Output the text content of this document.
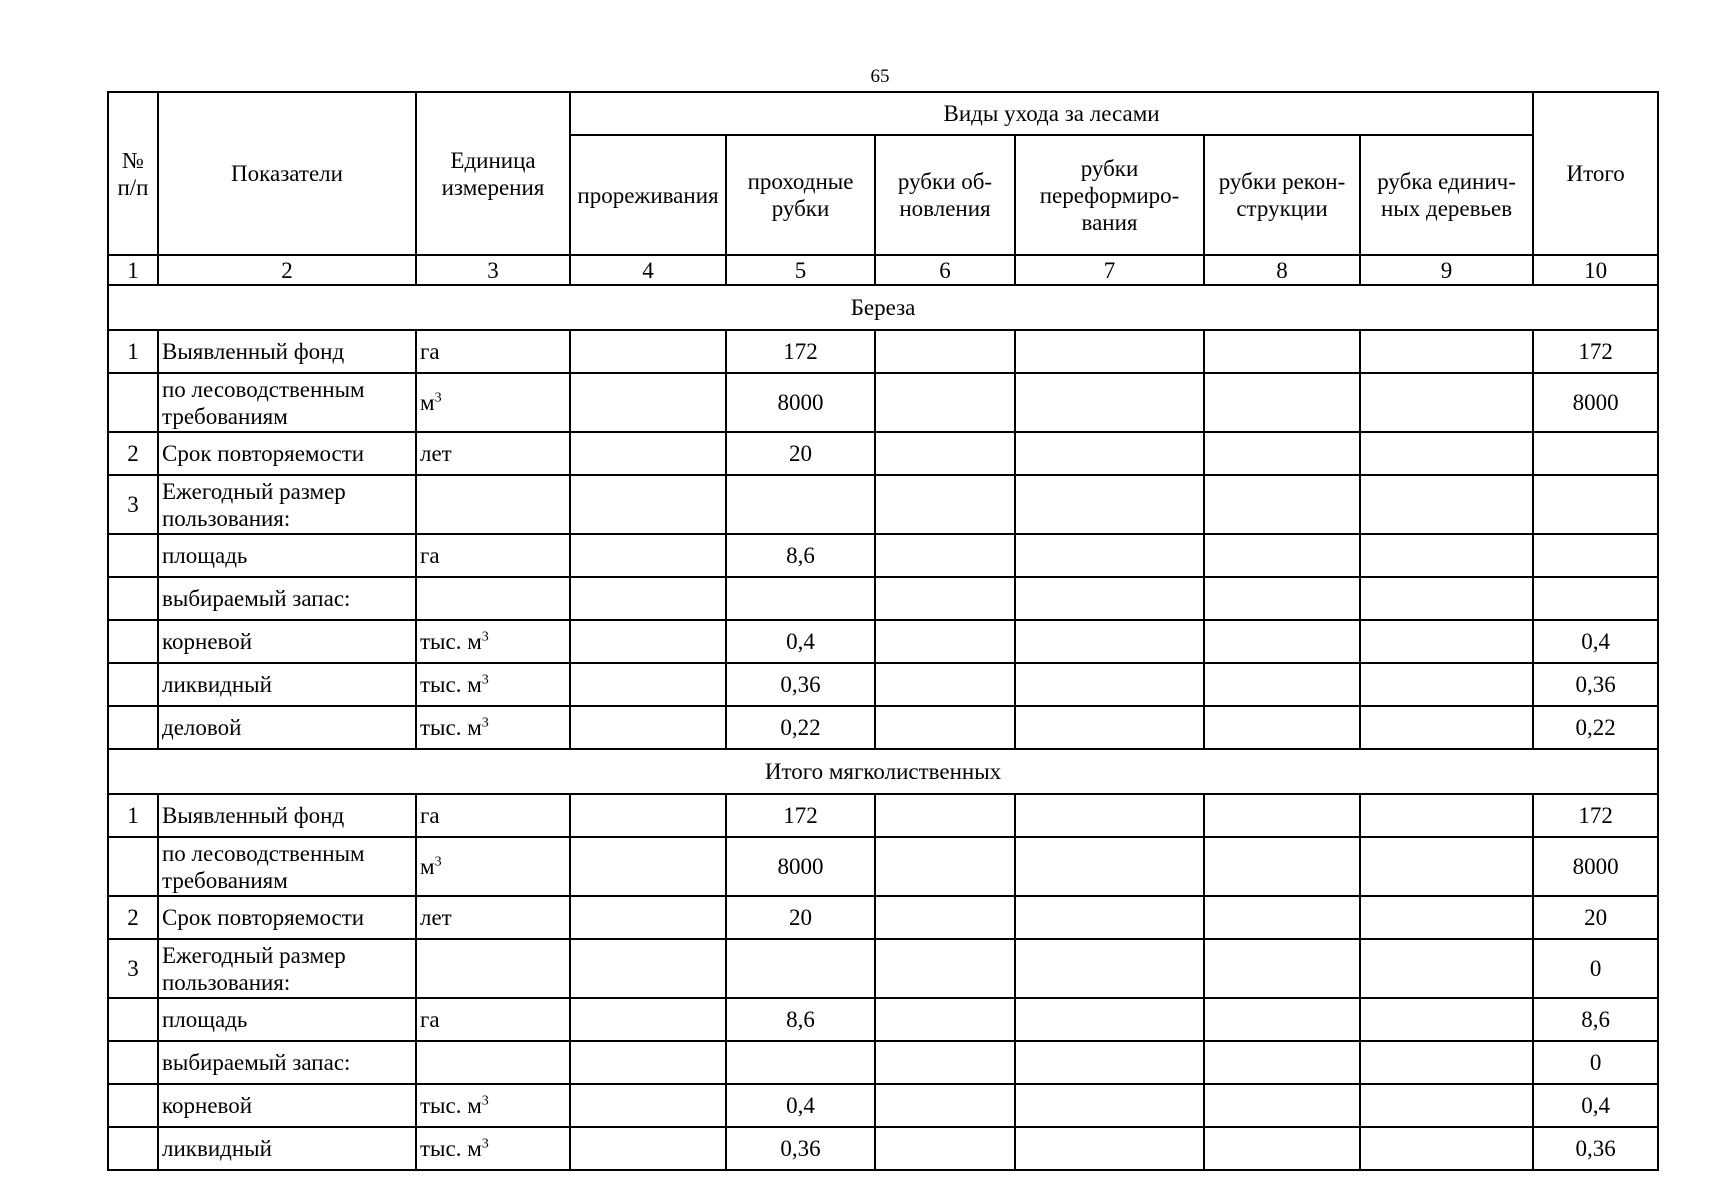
65
№ п/п	Показатели	Единица измерения	Виды ухода за лесами						Итого
			прореживания	проходные рубки	рубки об-новления	рубки переформиро-вания	рубки рекон-струкции	рубка единич-ных деревьев	
1	2	3	4	5	6	7	8	9	10
Береза									
1	Выявленный фонд	га		172					172
	по лесоводственным требованиям	$м^3$		8000					8000
2	Срок повторяемости	лет		20					
3	Ежегодный размер пользования:								
	площадь	га		8,6					
	выбираемый запас:								
	корневой	тыс. $м^3$		0,4					0,4
	ликвидный	тыс. $м^3$		0,36					0,36
	деловой	тыс. $м^3$		0,22					0,22
Итого мягколиственных									
1	Выявленный фонд	га		172					172
	по лесоводственным требованиям	$м^3$		8000					8000
2	Срок повторяемости	лет		20					20
3	Ежегодный размер пользования:								0
	площадь	га		8,6					8,6
	выбираемый запас:								0
	корневой	тыс. $м^3$		0,4					0,4
	ликвидный	тыс. $м^3$		0,36					0,36
